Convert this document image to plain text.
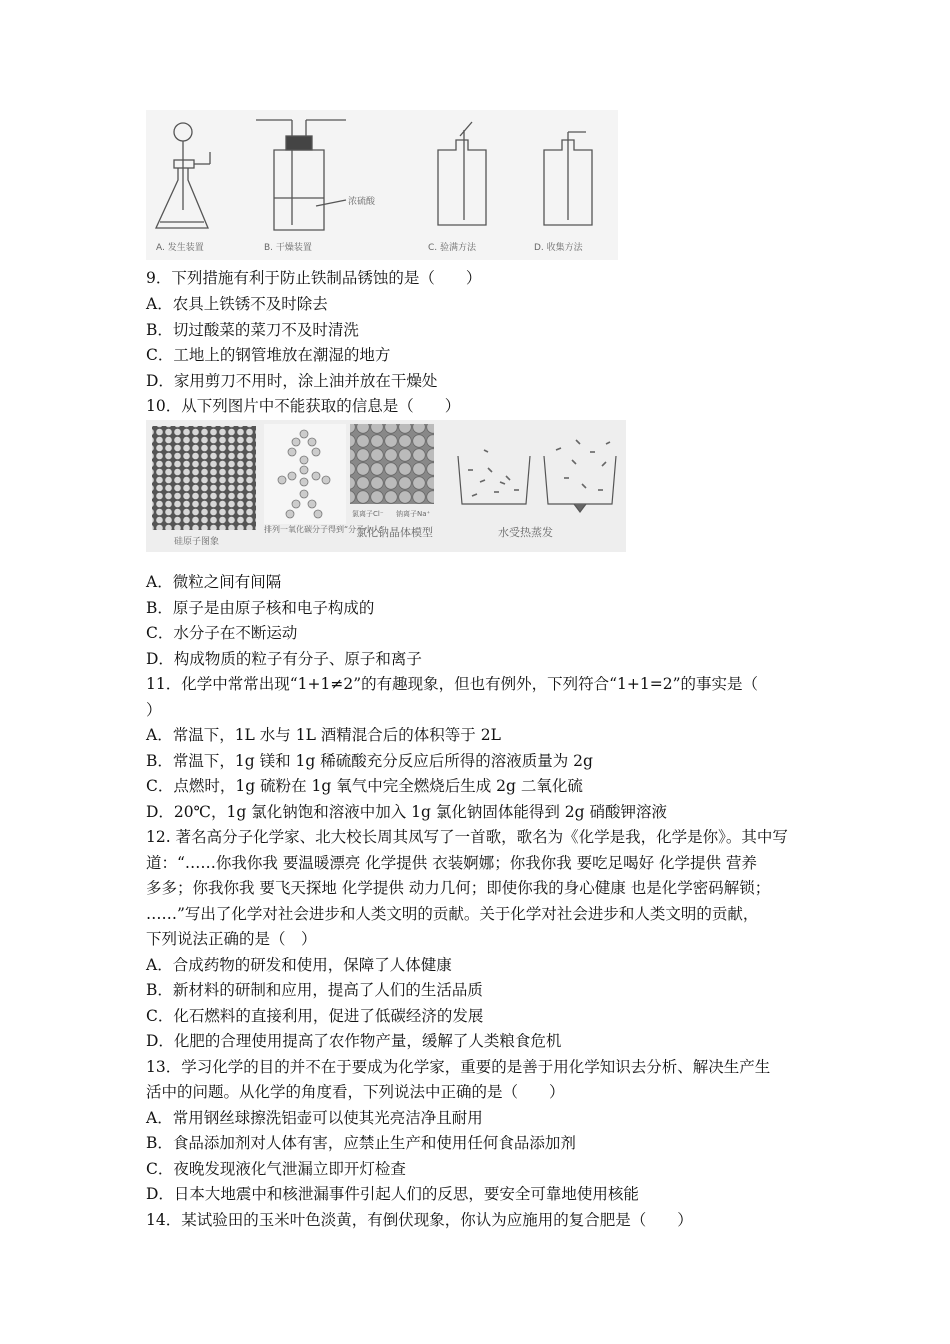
A. 发生装置
浓硫酸
B. 干燥装置	C. 验满方法	D. 收集方法
9．下列措施有利于防止铁制品锈蚀的是（　　）
A．农具上铁锈不及时除去
B．切过酸菜的菜刀不及时清洗
C．工地上的钢管堆放在潮湿的地方
D．家用剪刀不用时，涂上油并放在干燥处
10．从下列图片中不能获取的信息是（　　）
硅原子图象
排列一氧化碳分子得到“分子小人”
氯离子Cl⁻ 钠离子Na⁺
氯化钠晶体模型	水受热蒸发
A．微粒之间有间隔
B．原子是由原子核和电子构成的
C．水分子在不断运动
D．构成物质的粒子有分子、原子和离子
11．化学中常常出现“1+1≠2”的有趣现象，但也有例外，下列符合“1+1=2”的事实是（
）
A．常温下，1L 水与 1L 酒精混合后的体积等于 2L
B．常温下，1g 镁和 1g 稀硫酸充分反应后所得的溶液质量为 2g
C．点燃时，1g 硫粉在 1g 氧气中完全燃烧后生成 2g 二氧化硫
D．20℃，1g 氯化钠饱和溶液中加入 1g 氯化钠固体能得到 2g 硝酸钾溶液
12. 著名高分子化学家、北大校长周其凤写了一首歌，歌名为《化学是我，化学是你》。其中写
道：“……你我你我 要温暖漂亮 化学提供 衣装婀娜；你我你我 要吃足喝好 化学提供 营养
多多；你我你我 要飞天探地 化学提供 动力几何；即使你我的身心健康 也是化学密码解锁；
……”写出了化学对社会进步和人类文明的贡献。关于化学对社会进步和人类文明的贡献，
下列说法正确的是（　）
A．合成药物的研发和使用，保障了人体健康
B．新材料的研制和应用，提高了人们的生活品质
C．化石燃料的直接利用，促进了低碳经济的发展
D．化肥的合理使用提高了农作物产量，缓解了人类粮食危机
13．学习化学的目的并不在于要成为化学家，重要的是善于用化学知识去分析、解决生产生
活中的问题。从化学的角度看，下列说法中正确的是（　　）
A．常用钢丝球擦洗铝壶可以使其光亮洁净且耐用
B．食品添加剂对人体有害，应禁止生产和使用任何食品添加剂
C．夜晚发现液化气泄漏立即开灯检查
D．日本大地震中和核泄漏事件引起人们的反思，要安全可靠地使用核能
14．某试验田的玉米叶色淡黄，有倒伏现象，你认为应施用的复合肥是（　　）
